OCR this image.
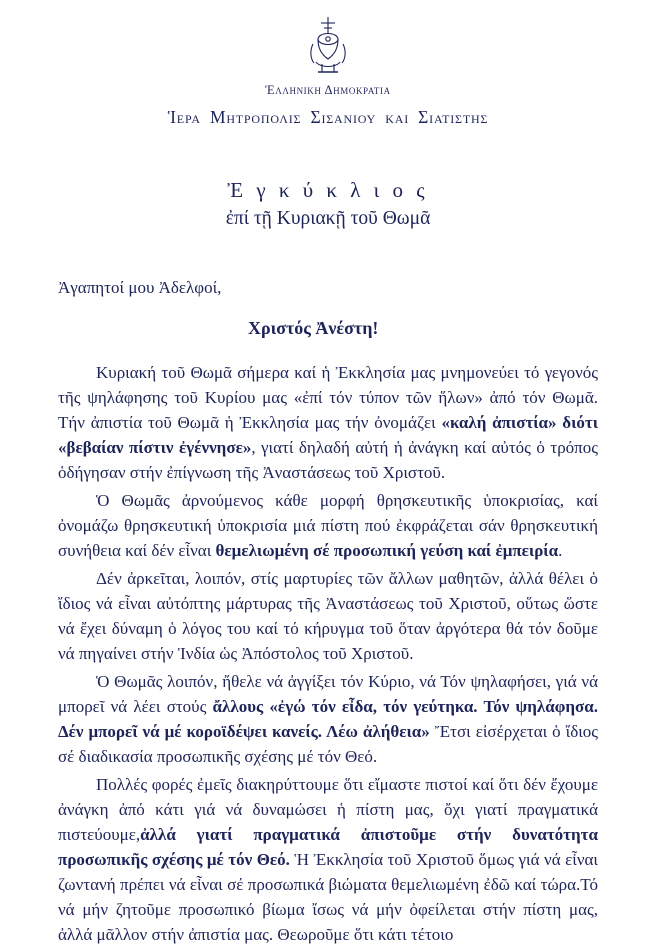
Ἑλληνικη Δημοκρατια
Ἱερα Μητροπολισ Σισανιου και Σιατιστησ
Ἐ γ κ ύ κ λ ι ο ς
ἐπί τῇ Κυριακῇ τοῦ Θωμᾶ
Ἀγαπητοί μου Ἀδελφοί,
Χριστός Ἀνέστη!

Κυριακή τοῦ Θωμᾶ σήμερα καί ἡ Ἐκκλησία μας μνημονεύει τό γεγονός τῆς ψηλάφησης τοῦ Κυρίου μας «ἐπί τόν τύπον τῶν ἥλων» ἀπό τόν Θωμᾶ. Τήν ἀπιστία τοῦ Θωμᾶ ἡ Ἐκκλησία μας τήν ὀνομάζει «καλή ἀπιστία» διότι «βεβαίαν πίστιν ἐγέννησε», γιατί δηλαδή αὐτή ἡ ἀνάγκη καί αὐτός ὁ τρόπος ὁδήγησαν στήν ἐπίγνωση τῆς Ἀναστάσεως τοῦ Χριστοῦ.

Ὁ Θωμᾶς ἀρνούμενος κάθε μορφή θρησκευτικῆς ὑποκρισίας, καί ὀνομάζω θρησκευτική ὑποκρισία μιά πίστη πού ἐκφράζεται σάν θρησκευτική συνήθεια καί δέν εἶναι θεμελιωμένη σέ προσωπική γεύση καί ἐμπειρία.

Δέν ἀρκεῖται, λοιπόν, στίς μαρτυρίες τῶν ἄλλων μαθητῶν, ἀλλά θέλει ὁ ἴδιος νά εἶναι αὐτόπτης μάρτυρας τῆς Ἀναστάσεως τοῦ Χριστοῦ, οὕτως ὥστε νά ἔχει δύναμη ὁ λόγος του καί τό κήρυγμα τοῦ ὅταν ἀργότερα θά τόν δοῦμε νά πηγαίνει στήν Ἰνδία ὡς Ἀπόστολος τοῦ Χριστοῦ.

Ὁ Θωμᾶς λοιπόν, ἤθελε νά ἀγγίξει τόν Κύριο, νά Τόν ψηλαφήσει, γιά νά μπορεῖ νά λέει στούς ἄλλους «ἐγώ τόν εἶδα, τόν γεύτηκα. Τόν ψηλάφησα. Δέν μπορεῖ νά μέ κοροϊδέψει κανείς. Λέω ἀλήθεια» Ἔτσι εἰσέρχεται ὁ ἴδιος σέ διαδικασία προσωπικῆς σχέσης μέ τόν Θεό.

Πολλές φορές ἐμεῖς διακηρύττουμε ὅτι εἴμαστε πιστοί καί ὅτι δέν ἔχουμε ἀνάγκη ἀπό κάτι γιά νά δυναμώσει ἡ πίστη μας, ὄχι γιατί πραγματικά πιστεύουμε,ἀλλά γιατί πραγματικά ἀπιστοῦμε στήν δυνατότητα προσωπικῆς σχέσης μέ τόν Θεό. Ἡ Ἐκκλησία τοῦ Χριστοῦ ὅμως γιά νά εἶναι ζωντανή πρέπει νά εἶναι σέ προσωπικά βιώματα θεμελιωμένη ἐδῶ καί τώρα.Τό νά μήν ζητοῦμε προσωπικό βίωμα ἴσως νά μήν ὀφείλεται στήν πίστη μας, ἀλλά μᾶλλον στήν ἀπιστία μας. Θεωροῦμε ὅτι κάτι τέτοιο
